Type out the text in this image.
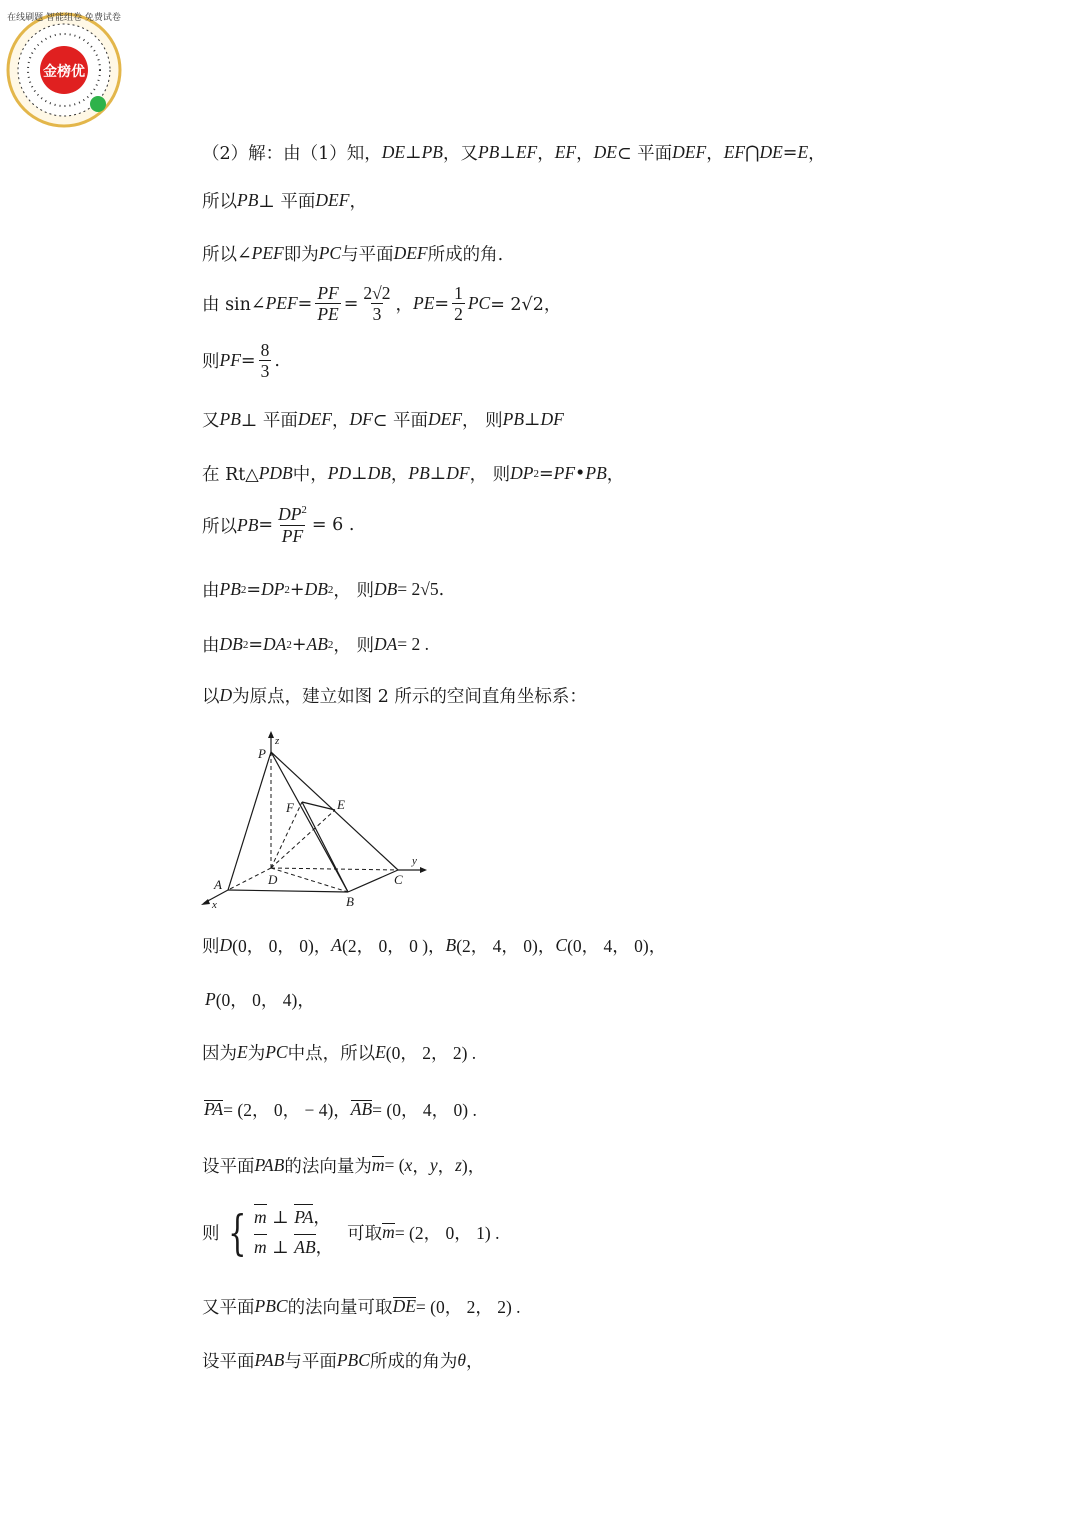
金榜优
在线刷题 智能组卷 免费试卷
（2）解：由（1）知， DE ⊥ PB ，又 PB ⊥ EF ， EF ， DE ⊂ 平面 DEF ， EF ⋂ DE = E ，
所以 PB ⊥ 平面 DEF ，
所以 ∠PEF 即为 PC 与平面 DEF 所成的角.
由 sin ∠PEF = $\frac{PF}{PE} = \frac{2√2}{3}$ ， PE = $\frac{1}{2}$ PC = 2√2，
则 PF = $\frac{8}{3}$ .
又 PB ⊥ 平面 DEF ， DF ⊂ 平面 DEF ， 则 PB ⊥ DF
在 Rt△ PDB 中， PD ⊥ DB ， PB ⊥ DF ， 则 DP 2 = PF • PB ，
所以 PB = $\frac{DP^2}{PF} = 6$ .
由 PB 2 = DP 2 + DB 2 ， 则 DB = 2 √5 .
由 DB 2 = DA 2 + AB 2 ， 则 DA = 2 .
以 D 为原点，建立如图 2 所示的空间直角坐标系：
则 D (0， 0， 0)， A (2， 0， 0 )， B (2， 4， 0)， C (0， 4， 0)，
P (0， 0， 4)，
因为 E 为 PC 中点，所以 E (0， 2， 2) .
PA = (2， 0， − 4)， AB = (0， 4， 0) .
设平面 PAB 的法向量为 m = ( x ， y ， z )，
则 { m ⊥ PA，
m ⊥ AB，
可取 m = (2， 0， 1) .
又平面 PBC 的法向量可取 DE = (0， 2， 2) .
设平面 PAB 与平面 PBC 所成的角为 θ ，
P
z
F	E
y
C
A	D
x	B
